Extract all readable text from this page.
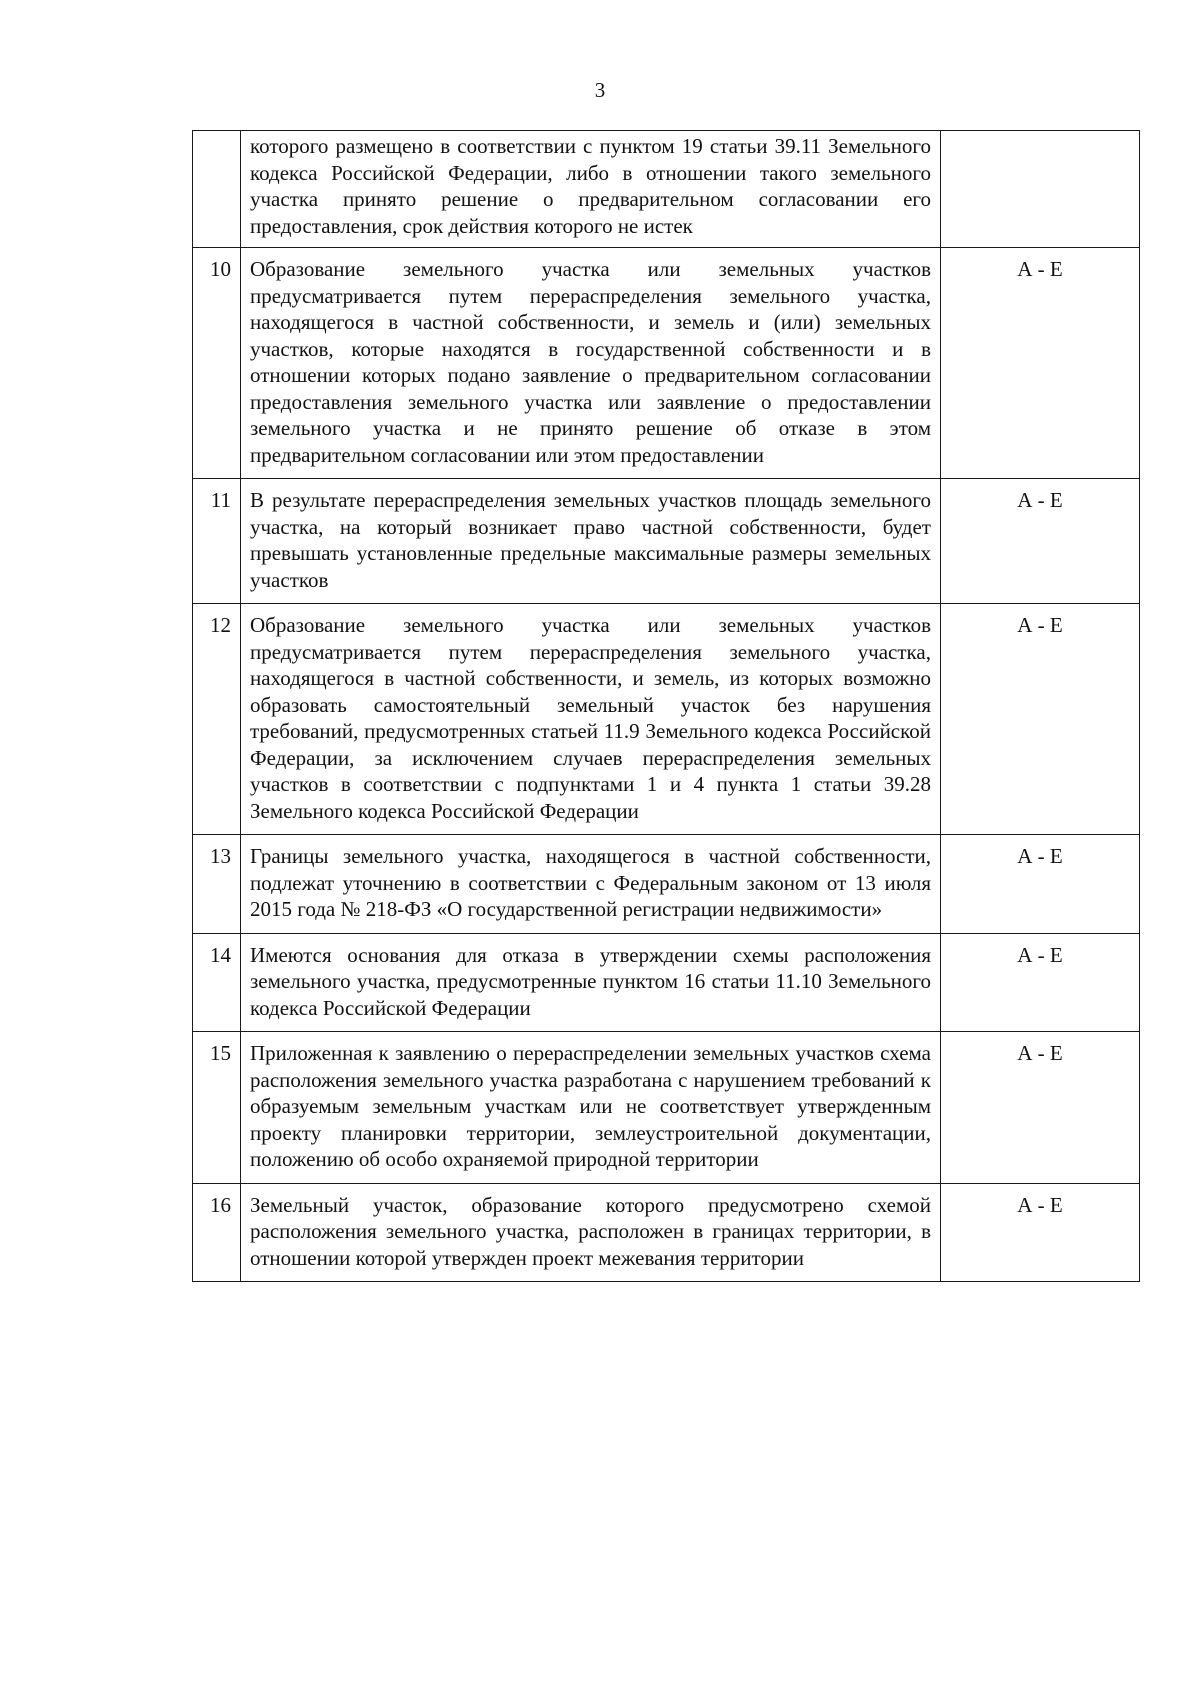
3
	которого размещено в соответствии с пунктом 19 статьи 39.11 Земельного кодекса Российской Федерации, либо в отношении такого земельного участка принято решение о предварительном согласовании его предоставления, срок действия которого не истек	
10	Образование земельного участка или земельных участков предусматривается путем перераспределения земельного участка, находящегося в частной собственности, и земель и (или) земельных участков, которые находятся в государственной собственности и в отношении которых подано заявление о предварительном согласовании предоставления земельного участка или заявление о предоставлении земельного участка и не принято решение об отказе в этом предварительном согласовании или этом предоставлении	А - Е
11	В результате перераспределения земельных участков площадь земельного участка, на который возникает право частной собственности, будет превышать установленные предельные максимальные размеры земельных участков	А - Е
12	Образование земельного участка или земельных участков предусматривается путем перераспределения земельного участка, находящегося в частной собственности, и земель, из которых возможно образовать самостоятельный земельный участок без нарушения требований, предусмотренных статьей 11.9 Земельного кодекса Российской Федерации, за исключением случаев перераспределения земельных участков в соответствии с подпунктами 1 и 4 пункта 1 статьи 39.28 Земельного кодекса Российской Федерации	А - Е
13	Границы земельного участка, находящегося в частной собственности, подлежат уточнению в соответствии с Федеральным законом от 13 июля 2015 года № 218-ФЗ «О государственной регистрации недвижимости»	А - Е
14	Имеются основания для отказа в утверждении схемы расположения земельного участка, предусмотренные пунктом 16 статьи 11.10 Земельного кодекса Российской Федерации	А - Е
15	Приложенная к заявлению о перераспределении земельных участков схема расположения земельного участка разработана с нарушением требований к образуемым земельным участкам или не соответствует утвержденным проекту планировки территории, землеустроительной документации, положению об особо охраняемой природной территории	А - Е
16	Земельный участок, образование которого предусмотрено схемой расположения земельного участка, расположен в границах территории, в отношении которой утвержден проект межевания территории	А - Е
